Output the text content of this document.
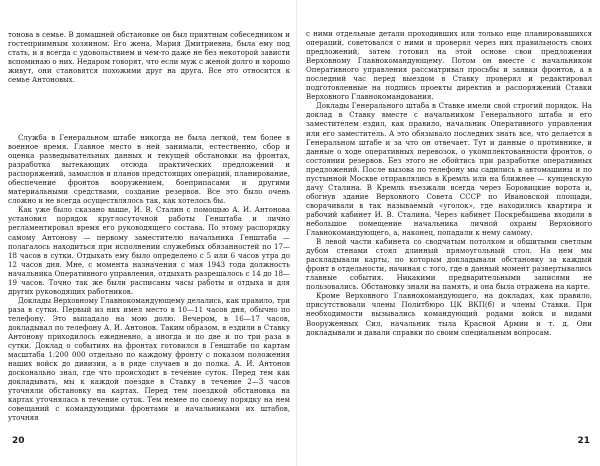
тонова в семье. В домашней обстановке он был приятным собеседником и гостеприимным хозяином. Его жена, Мария Дмитриевна, была ему под стать, и я всегда с удовольствием и чем-то даже не без некоторой зависти вспоминаю о них. Недаром говорят, что если муж с женой долго и хорошо живут, они становятся похожими друг на друга. Все это относится к семье Антоновых.

Служба в Генеральном штабе никогда не была легкой, тем более в военное время. Главное место в ней занимали, естественно, сбор и оценка разведывательных данных и текущей обстановки на фронтах, разработка вытекающих отсюда практических предложений и распоряжений, замыслов и планов предстоящих операций, планирование, обеспечение фронтов вооружением, боеприпасами и другими материальными средствами, создание резервов. Все это было очень сложно и не всегда осуществлялось так, как хотелось бы.

Как уже было сказано выше, И. В. Сталин с помощью А. И. Антонова установил порядок круглосуточной работы Генштаба и лично регламентировал время его руководящего состава. По этому распорядку самому Антонову — первому заместителю начальника Генштаба — полагалось находиться при исполнении служебных обязанностей по 17—18 часов в сутки. Отдыхать ему было определено с 5 или 6 часов утра до 12 часов дня. Мне, с момента назначения с мая 1943 года должность начальника Оперативного управления, отдыхать разрешалось с 14 до 18—19 часов. Точно так же были расписаны часы работы и отдыха и для других руководящих работников.

Доклады Верховному Главнокомандующему делались, как правило, три раза в сутки. Первый из них имел место в 10—11 часов дня, обычно по телефону. Это выпадало на мою долю. Вечером, в 16—17 часов, докладывал по телефону А. И. Антонов. Таким образом, я ездили в Ставку Антонову приходилось ежедневно, а иногда и по две и по три раза в сутки. Доклад о событиях на фронтах готовился в Генштабе по картам масштаба 1:200 000 отдельно по каждому фронту с показом положения наших войск до дивизии, а в ряде случаев и до полка. А. И. Антонов досконально знал, где что происходит в течение суток. Перед тем как докладывать, мы к каждой поездке в Ставку в течение 2—3 часов уточняли обстановку на картах. Перед тем поездкой обстановка на картах уточнялась в течение суток. Тем немее по своему порядку на нем совещаний с командующими фронтами и начальниками их штабов, уточняя

20

с ними отдельные детали проходивших или только еще планировавшихся операций, советовался с ними и проверял через них правильность своих предложений, затем готовил на этой основе свои предложения Верховному Главнокомандующему. Потом он вместе с начальником Оперативного управления рассматривал просьбы и заявки фронтов, а в последний час перед выездом в Ставку проверял и редактировал подготовленные на подпись проекты директив и распоряжений Ставки Верховного Главнокомандования.

Доклады Генерального штаба в Ставке имели свой строгий порядок. На доклад в Ставку вместе с начальником Генерального штаба и его заместителем ездил, как правило, начальник Оперативного управления или его заместитель. А это обязывало последних знать все, что делается в Генеральном штабе и за что он отвечает. Тут и данные о противнике, и данные о ходе оперативных перевозок, о укомплектованности фронтов, о состоянии резервов. Без этого не обойтись при разработке оперативных предложений. После вызова по телефону мы садились в автомашины и по пустынной Москве отправлялись в Кремль или на ближнее — кунцевскую дачу Сталина. В Кремль въезжали всегда через Боровицкие ворота и, обогнув здание Верховного Совета СССР по Ивановской площади, сворачивали в так называемый «уголок», где находились квартира и рабочий кабинет И. В. Сталина. Через кабинет Поскребышева входили в небольшое помещение начальника личной охраны Верховного Главнокомандующего, а, наконец, попадали к нему самому.

В левой части кабинета со сводчатым потолком и обшитыми светлым дубом стенами стоял длинный прямоугольный стол. На нем мы раскладывали карты, по которым докладывали обстановку за каждый фронт в отдельности, начиная с того, где в данный момент развертывались главные события. Никакими предварительными записями не пользовались. Обстановку знали на память, и она была отражена на карте.

Кроме Верховного Главнокомандующего, на докладах, как правило, присутствовали члены Политбюро ЦК ВКП(б) и члены Ставки. При необходимости вызывались командующий родами войск и видами Вооруженных Сил, начальник тыла Красной Армии и т. д. Они докладывали и давали справки по своим специальным вопросам.

21
